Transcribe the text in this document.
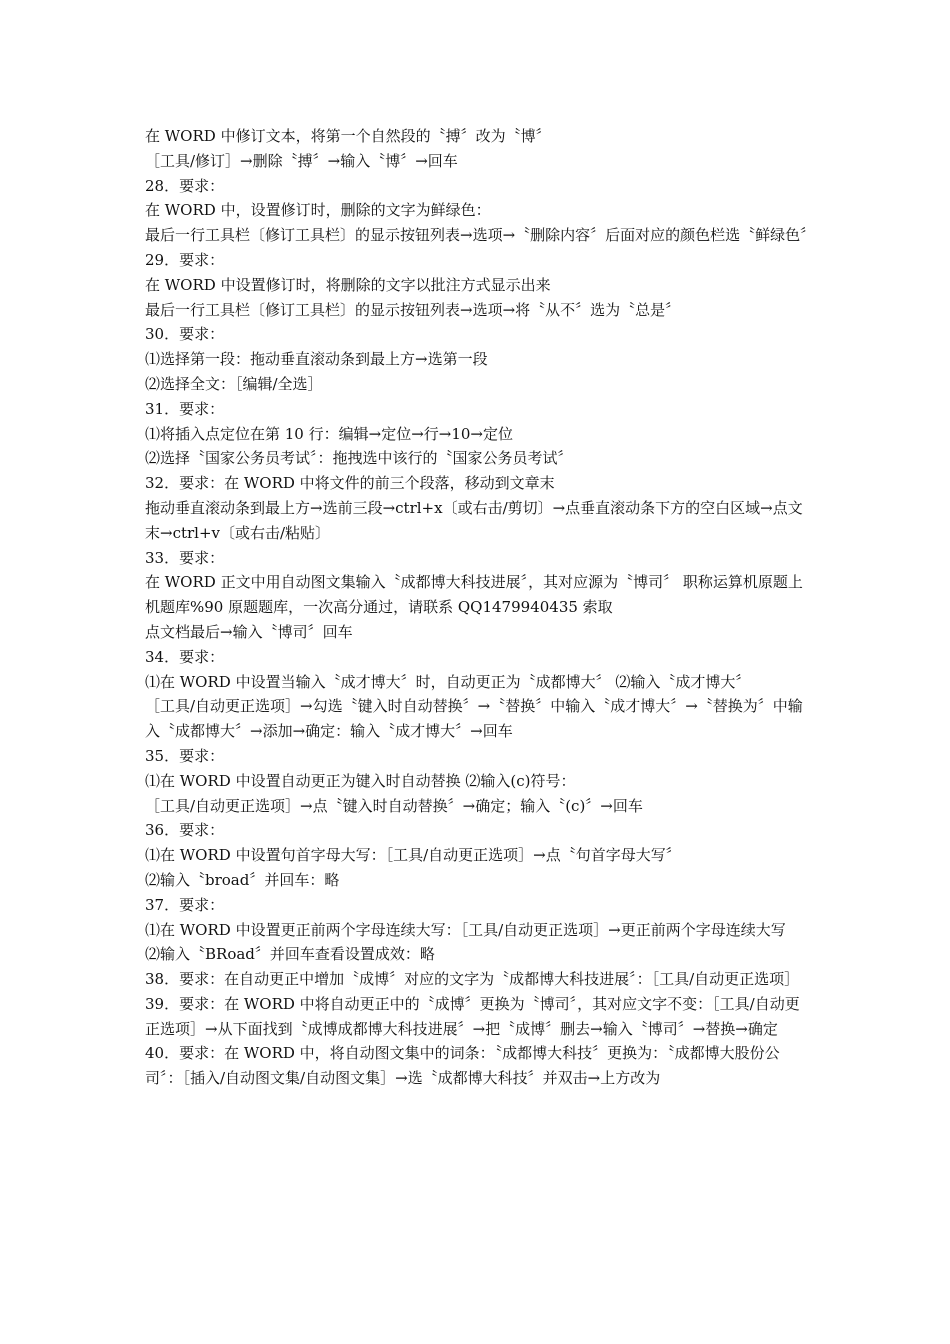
在 WORD 中修订文本，将第一个自然段的〝搏〞改为〝博〞

［工具/修订］→删除〝搏〞→输入〝博〞→回车

28．要求：

在 WORD 中，设置修订时，删除的文字为鲜绿色：

最后一行工具栏〔修订工具栏〕的显示按钮列表→选项→〝删除内容〞后面对应的颜色栏选〝鲜绿色〞

29．要求：

在 WORD 中设置修订时，将删除的文字以批注方式显示出来

最后一行工具栏〔修订工具栏〕的显示按钮列表→选项→将〝从不〞选为〝总是〞

30．要求：

⑴选择第一段：拖动垂直滚动条到最上方→选第一段

⑵选择全文：［编辑/全选］

31．要求：

⑴将插入点定位在第 10 行：编辑→定位→行→10→定位

⑵选择〝国家公务员考试〞：拖拽选中该行的〝国家公务员考试〞

32．要求：在 WORD 中将文件的前三个段落，移动到文章末

拖动垂直滚动条到最上方→选前三段→ctrl+x〔或右击/剪切〕→点垂直滚动条下方的空白区域→点文末→ctrl+v〔或右击/粘贴〕

33．要求：

在 WORD 正文中用自动图文集输入〝成都博大科技进展〞，其对应源为〝博司〞 职称运算机原题上机题库%90 原题题库，一次高分通过，请联系 QQ1479940435 索取

点文档最后→输入〝博司〞回车

34．要求：

⑴在 WORD 中设置当输入〝成才博大〞时，自动更正为〝成都博大〞 ⑵输入〝成才博大〞

［工具/自动更正选项］→勾选〝键入时自动替换〞→〝替换〞中输入〝成才博大〞→〝替换为〞中输入〝成都博大〞→添加→确定：输入〝成才博大〞→回车

35．要求：

⑴在 WORD 中设置自动更正为键入时自动替换 ⑵输入(c)符号：

［工具/自动更正选项］→点〝键入时自动替换〞→确定；输入〝(c)〞→回车

36．要求：

⑴在 WORD 中设置句首字母大写：［工具/自动更正选项］→点〝句首字母大写〞

⑵输入〝broad〞并回车：略

37．要求：

⑴在 WORD 中设置更正前两个字母连续大写：［工具/自动更正选项］→更正前两个字母连续大写

⑵输入〝BRoad〞并回车查看设置成效：略

38．要求：在自动更正中增加〝成博〞对应的文字为〝成都博大科技进展〞：［工具/自动更正选项］

39．要求：在 WORD 中将自动更正中的〝成博〞更换为〝博司〞，其对应文字不变：［工具/自动更正选项］→从下面找到〝成博成都博大科技进展〞→把〝成博〞删去→输入〝博司〞→替换→确定

40．要求：在 WORD 中，将自动图文集中的词条：〝成都博大科技〞更换为：〝成都博大股份公司〞：［插入/自动图文集/自动图文集］→选〝成都博大科技〞并双击→上方改为
